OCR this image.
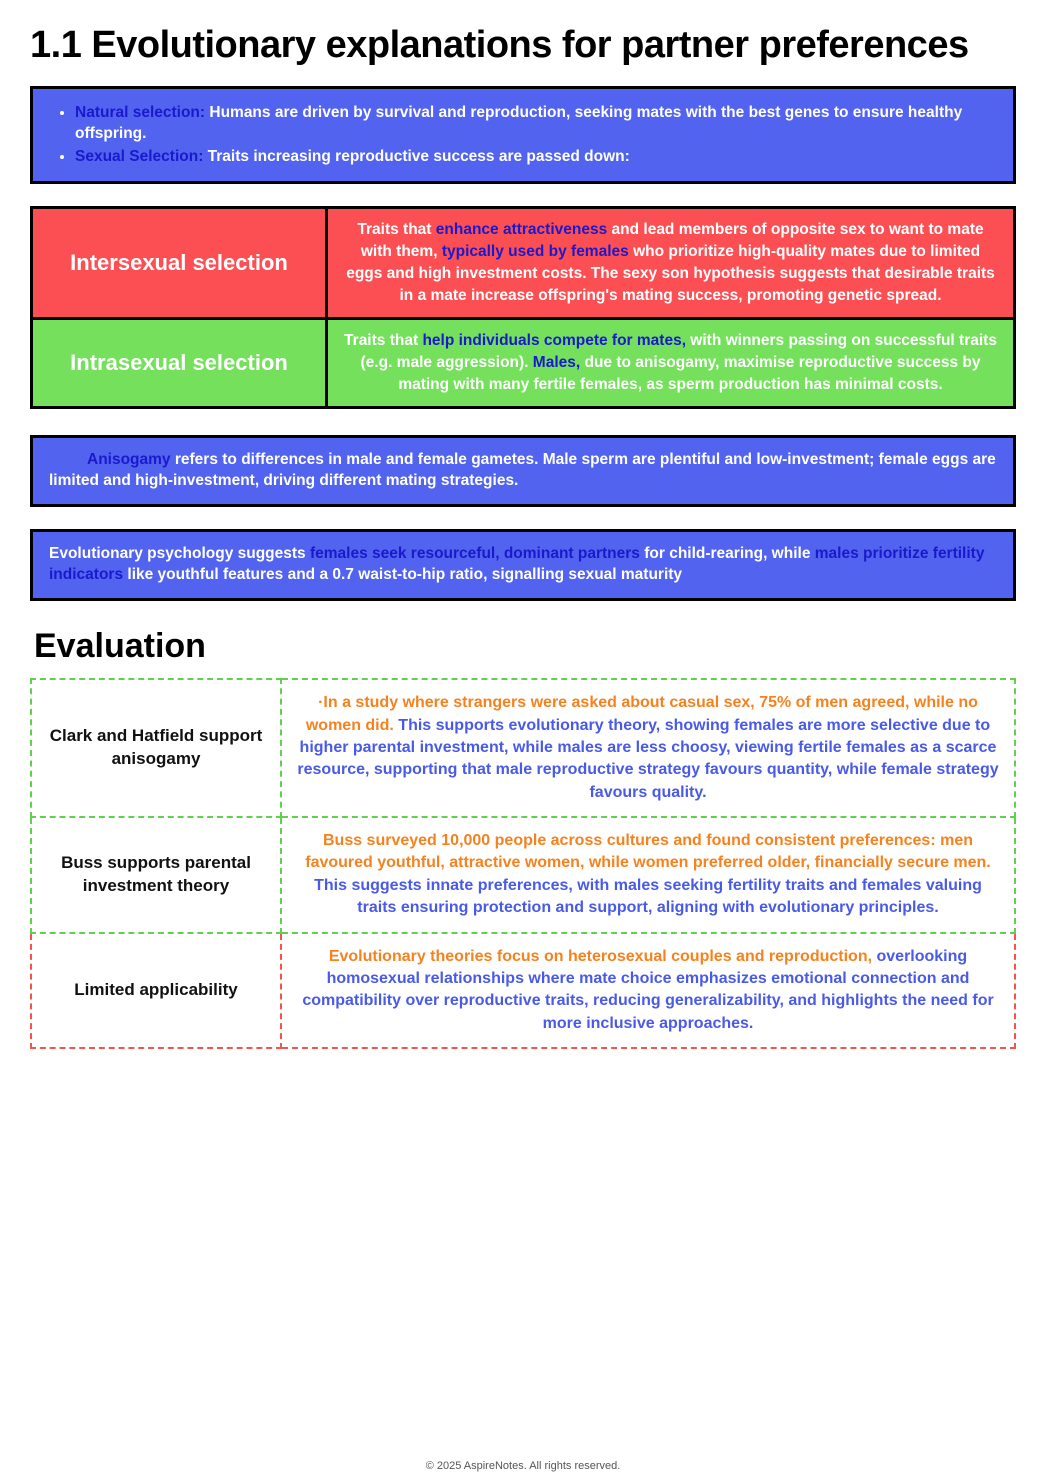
1.1 Evolutionary explanations for partner preferences
• Natural selection: Humans are driven by survival and reproduction, seeking mates with the best genes to ensure healthy offspring.
• Sexual Selection: Traits increasing reproductive success are passed down:
Intersexual selection	Traits that enhance attractiveness and lead members of opposite sex to want to mate with them, typically used by females who prioritize high-quality mates due to limited eggs and high investment costs. The sexy son hypothesis suggests that desirable traits in a mate increase offspring's mating success, promoting genetic spread.
Intrasexual selection	Traits that help individuals compete for mates, with winners passing on successful traits (e.g. male aggression). Males, due to anisogamy, maximise reproductive success by mating with many fertile females, as sperm production has minimal costs.
Anisogamy refers to differences in male and female gametes. Male sperm are plentiful and low-investment; female eggs are limited and high-investment, driving different mating strategies.
Evolutionary psychology suggests females seek resourceful, dominant partners for child-rearing, while males prioritize fertility indicators like youthful features and a 0.7 waist-to-hip ratio, signalling sexual maturity
Evaluation
Clark and Hatfield support anisogamy	·In a study where strangers were asked about casual sex, 75% of men agreed, while no women did. This supports evolutionary theory, showing females are more selective due to higher parental investment, while males are less choosy, viewing fertile females as a scarce resource, supporting that male reproductive strategy favours quantity, while female strategy favours quality.
Buss supports parental investment theory	Buss surveyed 10,000 people across cultures and found consistent preferences: men favoured youthful, attractive women, while women preferred older, financially secure men. This suggests innate preferences, with males seeking fertility traits and females valuing traits ensuring protection and support, aligning with evolutionary principles.
Limited applicability	Evolutionary theories focus on heterosexual couples and reproduction, overlooking homosexual relationships where mate choice emphasizes emotional connection and compatibility over reproductive traits, reducing generalizability, and highlights the need for more inclusive approaches.
© 2025 AspireNotes. All rights reserved.
